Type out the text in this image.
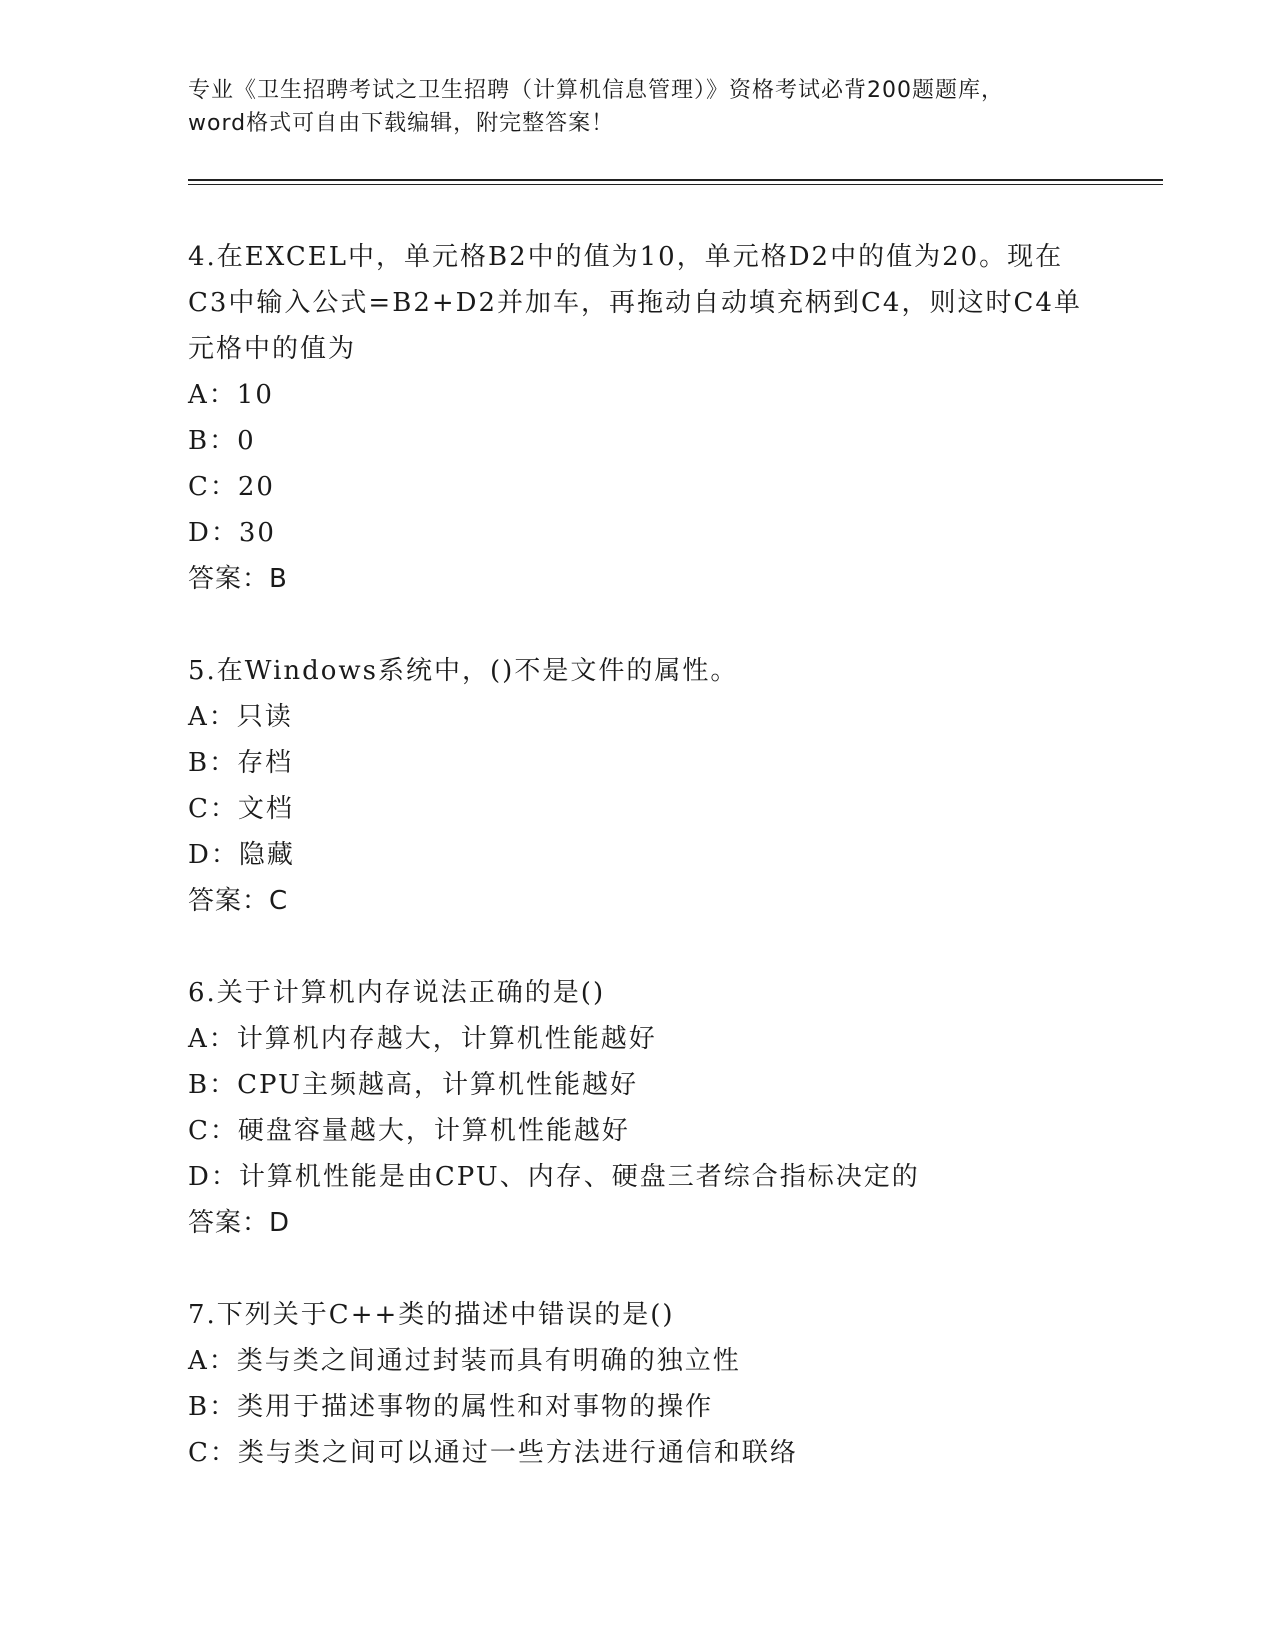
专业《卫生招聘考试之卫生招聘（计算机信息管理）》资格考试必背200题题库，
word格式可自由下载编辑，附完整答案！

4.在EXCEL中，单元格B2中的值为10，单元格D2中的值为20。现在C3中输入公式=B2+D2并加车，再拖动自动填充柄到C4，则这时C4单元格中的值为

A：10

B：0

C：20

D：30

答案：B

5.在Windows系统中，()不是文件的属性。

A：只读

B：存档

C：文档

D：隐藏

答案：C

6.关于计算机内存说法正确的是()

A：计算机内存越大，计算机性能越好

B：CPU主频越高，计算机性能越好

C：硬盘容量越大，计算机性能越好

D：计算机性能是由CPU、内存、硬盘三者综合指标决定的

答案：D

7.下列关于C++类的描述中错误的是()

A：类与类之间通过封装而具有明确的独立性

B：类用于描述事物的属性和对事物的操作

C：类与类之间可以通过一些方法进行通信和联络
